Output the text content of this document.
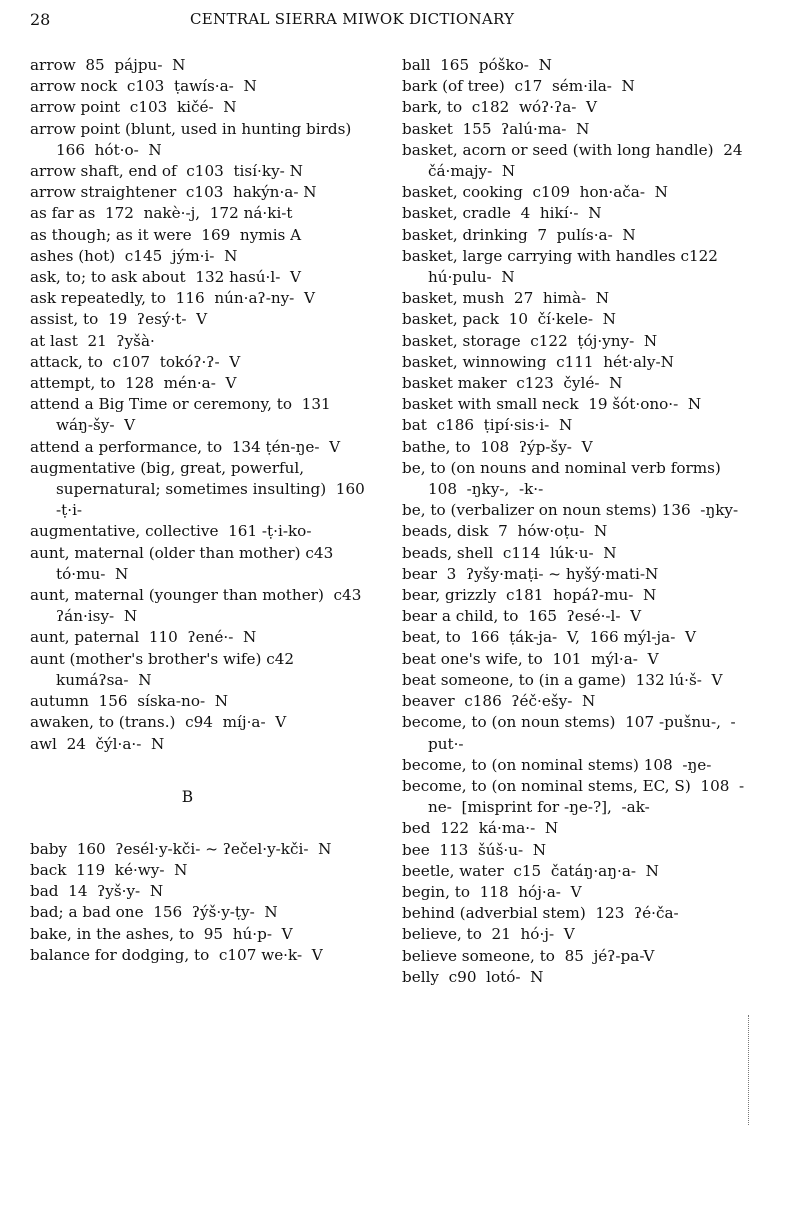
28	CENTRAL SIERRA MIWOK DICTIONARY
arrow  85  pájpu-  N
arrow nock  c103  ṭawís·a-  N
arrow point  c103  kičé-  N
arrow point (blunt, used in hunting birds)  166  hót·o-  N
arrow shaft, end of  c103  tisí·ky- N
arrow straightener  c103  hakýn·a- N
as far as  172  nakè·-j,  172 ná·ki-t
as though; as it were  169  nymis A
ashes (hot)  c145  jým·i-  N
ask, to; to ask about  132 hasú·l-  V
ask repeatedly, to  116  nún·aʔ-ny-  V
assist, to  19  ʔesý·t-  V
at last  21  ʔyšà·
attack, to  c107  tokóʔ·ʔ-  V
attempt, to  128  mén·a-  V
attend a Big Time or ceremony, to  131  wáŋ-šy-  V
attend a performance, to  134 ṭén-ŋe-  V
augmentative (big, great, powerful, supernatural; sometimes insulting)  160  -ṭ·i-
augmentative, collective  161 -ṭ·i-ko-
aunt, maternal (older than mother) c43  tó·mu-  N
aunt, maternal (younger than mother)  c43  ʔán·isy-  N
aunt, paternal  110  ʔené·-  N
aunt (mother's brother's wife) c42  kumáʔsa-  N
autumn  156  síska-no-  N
awaken, to (trans.)  c94  míj·a-  V
awl  24  čýl·a·-  N
B
baby  160  ʔesél·y-kči- ~ ʔečel·y-kči-  N
back  119  ké·wy-  N
bad  14  ʔyš·y-  N
bad; a bad one  156  ʔýš·y-ṭy-  N
bake, in the ashes, to  95  hú·p-  V
balance for dodging, to  c107 we·k-  V
ball  165  póško-  N
bark (of tree)  c17  sém·ila-  N
bark, to  c182  wóʔ·ʔa-  V
basket  155  ʔalú·ma-  N
basket, acorn or seed (with long handle)  24  čá·majy-  N
basket, cooking  c109  hon·ača-  N
basket, cradle  4  hikí·-  N
basket, drinking  7  pulís·a-  N
basket, large carrying with handles c122  hú·pulu-  N
basket, mush  27  himà-  N
basket, pack  10  čí·kele-  N
basket, storage  c122  ṭój·yny-  N
basket, winnowing  c111  hét·aly-N
basket maker  c123  čylé-  N
basket with small neck  19 šót·ono·-  N
bat  c186  ṭipí·sis·i-  N
bathe, to  108  ʔýp-šy-  V
be, to (on nouns and nominal verb forms)  108  -ŋky-,  -k·-
be, to (verbalizer on noun stems) 136  -ŋky-
beads, disk  7  hów·oṭu-  N
beads, shell  c114  lúk·u-  N
bear  3  ʔyšy·maṭi- ~ hyšý·mati-N
bear, grizzly  c181  hopáʔ-mu-  N
bear a child, to  165  ʔesé·-l-  V
beat, to  166  ṭák-ja-  V,  166 mýl-ja-  V
beat one's wife, to  101  mýl·a-  V
beat someone, to (in a game)  132 lú·š-  V
beaver  c186  ʔéč·ešy-  N
become, to (on noun stems)  107 -pušnu-,  -put·-
become, to (on nominal stems) 108  -ŋe-
become, to (on nominal stems, EC, S)  108  -ne-  [misprint for -ŋe-?],  -ak-
bed  122  ká·ma·-  N
bee  113  šúš·u-  N
beetle, water  c15  čatáŋ·aŋ·a-  N
begin, to  118  hój·a-  V
behind (adverbial stem)  123  ʔé·ča-
believe, to  21  hó·j-  V
believe someone, to  85  jéʔ-pa-V
belly  c90  lotó-  N
